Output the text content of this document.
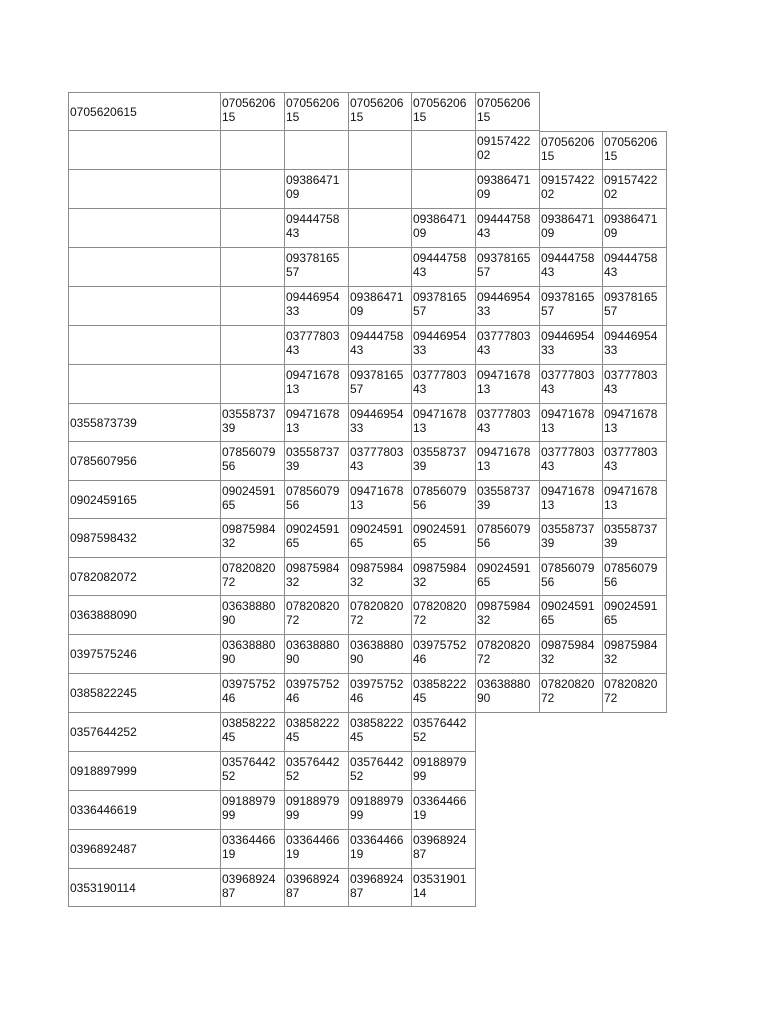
0705620615
07056206
15
07056206
15
07056206
15
07056206
15
07056206
15
09157422
02
07056206
15
07056206
15
09386471
09
09386471
09
09157422
02
09157422
02
09444758
43
09386471
09
09444758
43
09386471
09
09386471
09
09378165
57
09444758
43
09378165
57
09444758
43
09444758
43
09446954
33
09386471
09
09378165
57
09446954
33
09378165
57
09378165
57
03777803
43
09444758
43
09446954
33
03777803
43
09446954
33
09446954
33
09471678
13
09378165
57
03777803
43
09471678
13
03777803
43
03777803
43
0355873739
03558737
39
09471678
13
09446954
33
09471678
13
03777803
43
09471678
13
09471678
13
0785607956
07856079
56
03558737
39
03777803
43
03558737
39
09471678
13
03777803
43
03777803
43
0902459165
09024591
65
07856079
56
09471678
13
07856079
56
03558737
39
09471678
13
09471678
13
0987598432
09875984
32
09024591
65
09024591
65
09024591
65
07856079
56
03558737
39
03558737
39
0782082072
07820820
72
09875984
32
09875984
32
09875984
32
09024591
65
07856079
56
07856079
56
0363888090
03638880
90
07820820
72
07820820
72
07820820
72
09875984
32
09024591
65
09024591
65
0397575246
03638880
90
03638880
90
03638880
90
03975752
46
07820820
72
09875984
32
09875984
32
0385822245
03975752
46
03975752
46
03975752
46
03858222
45
03638880
90
07820820
72
07820820
72
0357644252
03858222
45
03858222
45
03858222
45
03576442
52
0918897999
03576442
52
03576442
52
03576442
52
09188979
99
0336446619
09188979
99
09188979
99
09188979
99
03364466
19
0396892487
03364466
19
03364466
19
03364466
19
03968924
87
0353190114
03968924
87
03968924
87
03968924
87
03531901
14
